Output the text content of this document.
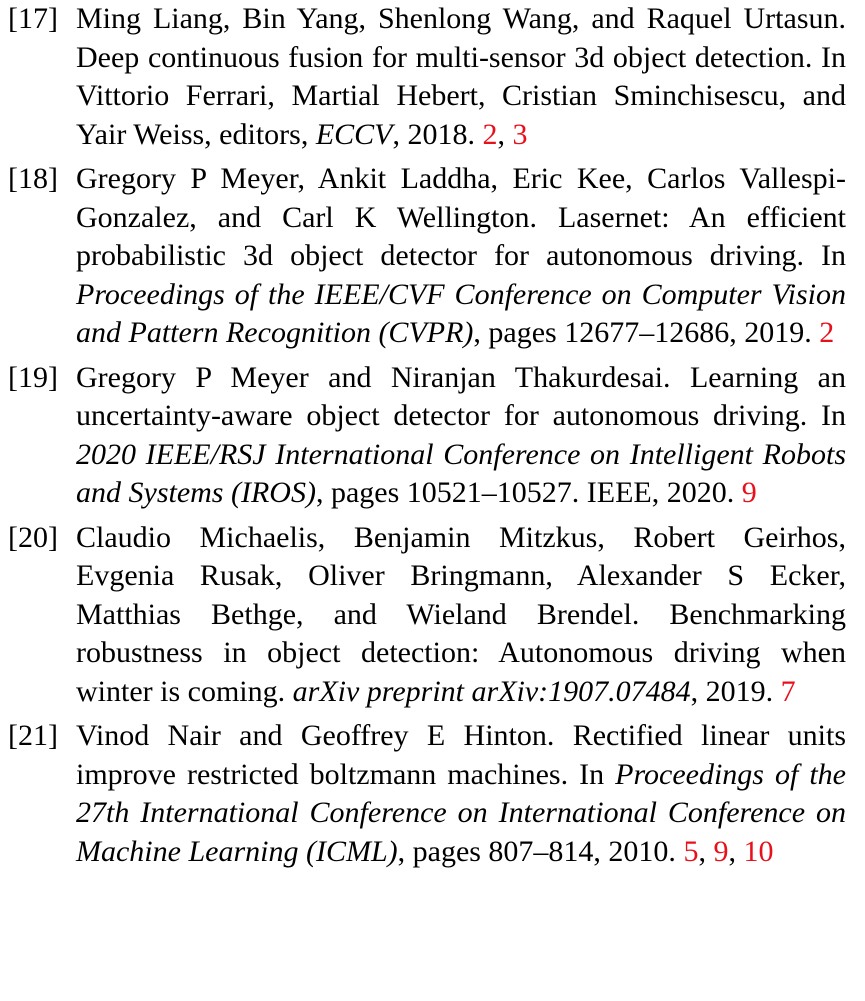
[17] Ming Liang, Bin Yang, Shenlong Wang, and Raquel Urtasun. Deep continuous fusion for multi-sensor 3d object detection. In Vittorio Ferrari, Martial Hebert, Cristian Sminchisescu, and Yair Weiss, editors, ECCV, 2018. 2, 3
[18] Gregory P Meyer, Ankit Laddha, Eric Kee, Carlos Vallespi-Gonzalez, and Carl K Wellington. Lasernet: An efficient probabilistic 3d object detector for autonomous driving. In Proceedings of the IEEE/CVF Conference on Computer Vision and Pattern Recognition (CVPR), pages 12677–12686, 2019. 2
[19] Gregory P Meyer and Niranjan Thakurdesai. Learning an uncertainty-aware object detector for autonomous driving. In 2020 IEEE/RSJ International Conference on Intelligent Robots and Systems (IROS), pages 10521–10527. IEEE, 2020. 9
[20] Claudio Michaelis, Benjamin Mitzkus, Robert Geirhos, Evgenia Rusak, Oliver Bringmann, Alexander S Ecker, Matthias Bethge, and Wieland Brendel. Benchmarking robustness in object detection: Autonomous driving when winter is coming. arXiv preprint arXiv:1907.07484, 2019. 7
[21] Vinod Nair and Geoffrey E Hinton. Rectified linear units improve restricted boltzmann machines. In Proceedings of the 27th International Conference on International Conference on Machine Learning (ICML), pages 807–814, 2010. 5, 9, 10
